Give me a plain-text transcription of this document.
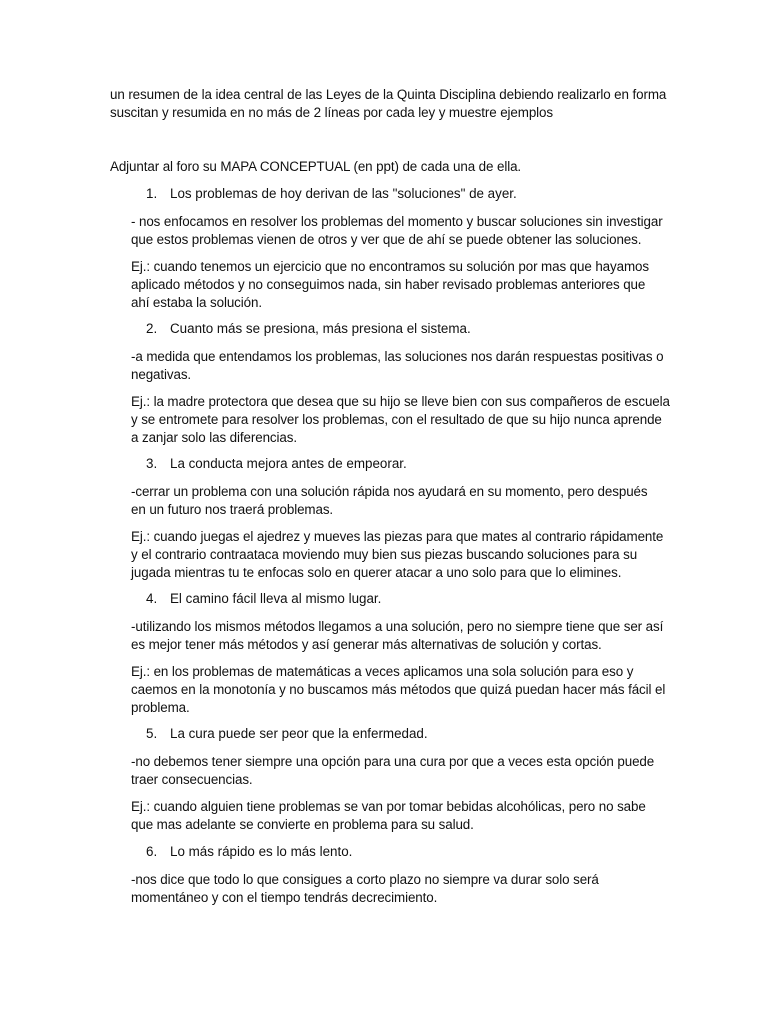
un resumen de la idea central de las Leyes de la Quinta Disciplina debiendo realizarlo en forma
suscitan y resumida en no más de 2 líneas por cada ley y muestre ejemplos
Adjuntar al foro su MAPA CONCEPTUAL (en ppt) de cada una de ella.
1. Los problemas de hoy derivan de las "soluciones" de ayer.
- nos enfocamos en resolver los problemas del momento y buscar soluciones sin investigar
que estos problemas vienen de otros y ver que de ahí se puede obtener las soluciones.
Ej.: cuando tenemos un ejercicio que no encontramos su solución por mas que hayamos
aplicado métodos y no conseguimos nada, sin haber revisado problemas anteriores que
ahí estaba la solución.
2. Cuanto más se presiona, más presiona el sistema.
-a medida que entendamos los problemas, las soluciones nos darán respuestas positivas o
negativas.
Ej.: la madre protectora que desea que su hijo se lleve bien con sus compañeros de escuela
y se entromete para resolver los problemas, con el resultado de que su hijo nunca aprende
a zanjar solo las diferencias.
3. La conducta mejora antes de empeorar.
-cerrar un problema con una solución rápida nos ayudará en su momento, pero después
en un futuro nos traerá problemas.
Ej.: cuando juegas el ajedrez y mueves las piezas para que mates al contrario rápidamente
y el contrario contraataca moviendo muy bien sus piezas buscando soluciones para su
jugada mientras tu te enfocas solo en querer atacar a uno solo para que lo elimines.
4. El camino fácil lleva al mismo lugar.
-utilizando los mismos métodos llegamos a una solución, pero no siempre tiene que ser así
es mejor tener más métodos y así generar más alternativas de solución y cortas.
Ej.: en los problemas de matemáticas a veces aplicamos una sola solución para eso y
caemos en la monotonía y no buscamos más métodos que quizá puedan hacer más fácil el
problema.
5. La cura puede ser peor que la enfermedad.
-no debemos tener siempre una opción para una cura por que a veces esta opción puede
traer consecuencias.
Ej.: cuando alguien tiene problemas se van por tomar bebidas alcohólicas, pero no sabe
que mas adelante se convierte en problema para su salud.
6. Lo más rápido es lo más lento.
-nos dice que todo lo que consigues a corto plazo no siempre va durar solo será
momentáneo y con el tiempo tendrás decrecimiento.
